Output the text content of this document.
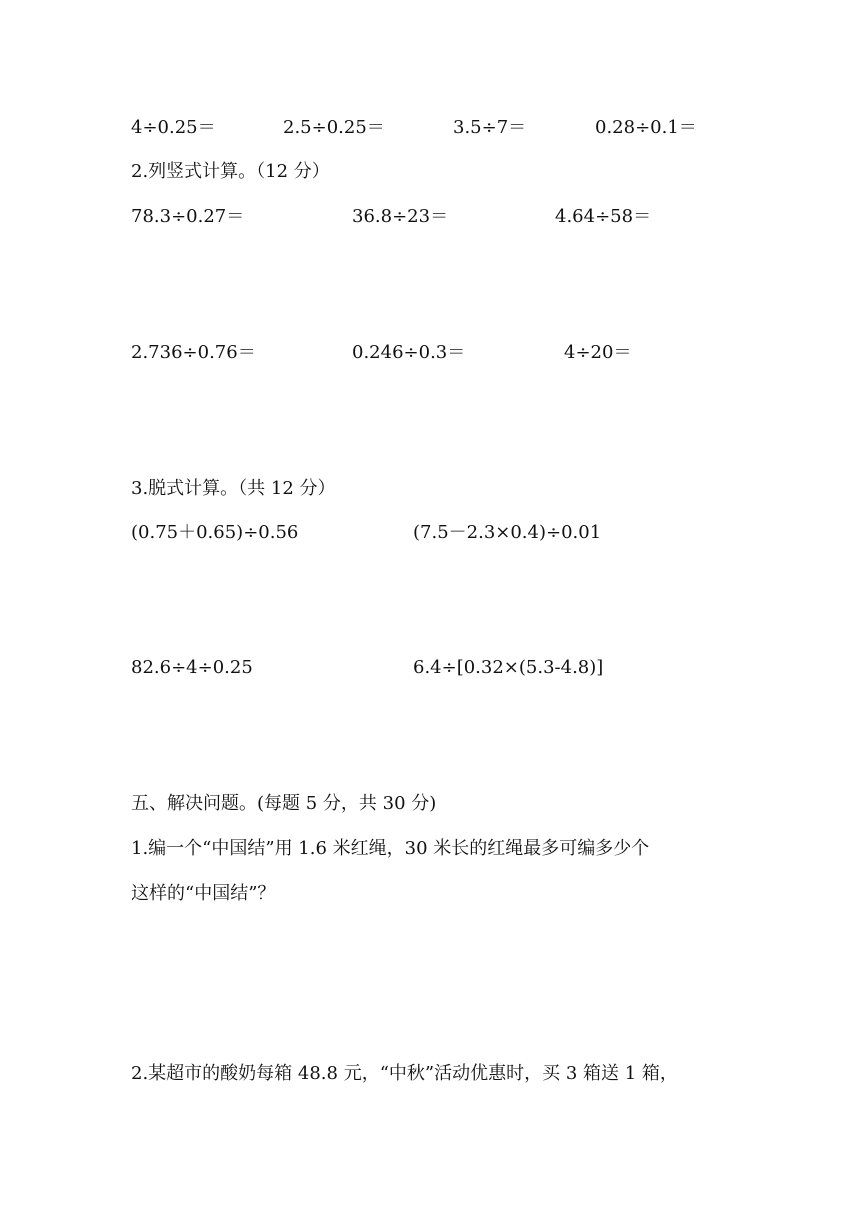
4÷0.25＝	2.5÷0.25＝	3.5÷7＝	0.28÷0.1＝
2.列竖式计算。（12 分）
78.3÷0.27＝	36.8÷23＝	4.64÷58＝
2.736÷0.76＝	0.246÷0.3＝	4÷20＝
3.脱式计算。（共 12 分）
(0.75＋0.65)÷0.56	(7.5－2.3×0.4)÷0.01
82.6÷4÷0.25	6.4÷[0.32×(5.3-4.8)]
五、解决问题。(每题 5 分，共 30 分)
1.编一个“中国结”用 1.6 米红绳，30 米长的红绳最多可编多少个
这样的“中国结”？
2.某超市的酸奶每箱 48.8 元，“中秋”活动优惠时，买 3 箱送 1 箱，
